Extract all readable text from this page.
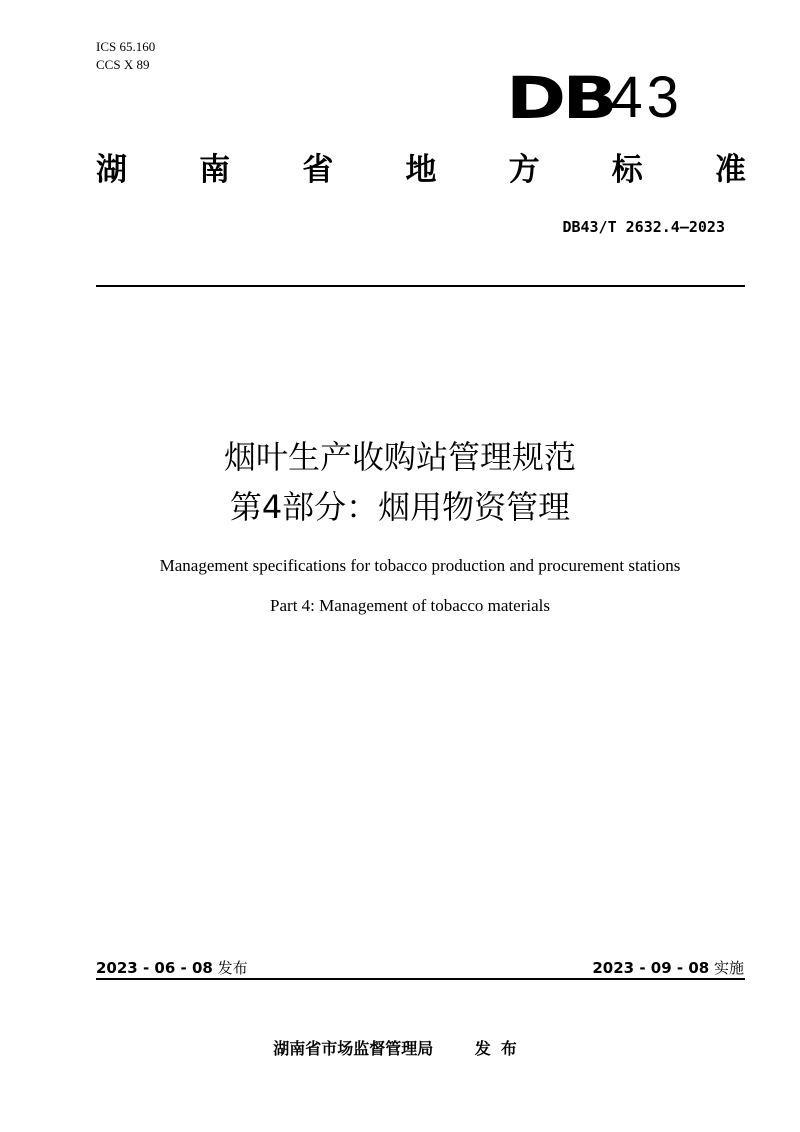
ICS 65.160
CCS X 89	DB
43
湖 南 省 地 方 标 准
DB43/T 2632.4—2023
烟叶生产收购站管理规范
第4部分：烟用物资管理
Management specifications for tobacco production and procurement stations
Part 4: Management of tobacco materials
2023 - 06 - 08 发布	2023 - 09 - 08 实施
湖南省市场监督管理局	发布
